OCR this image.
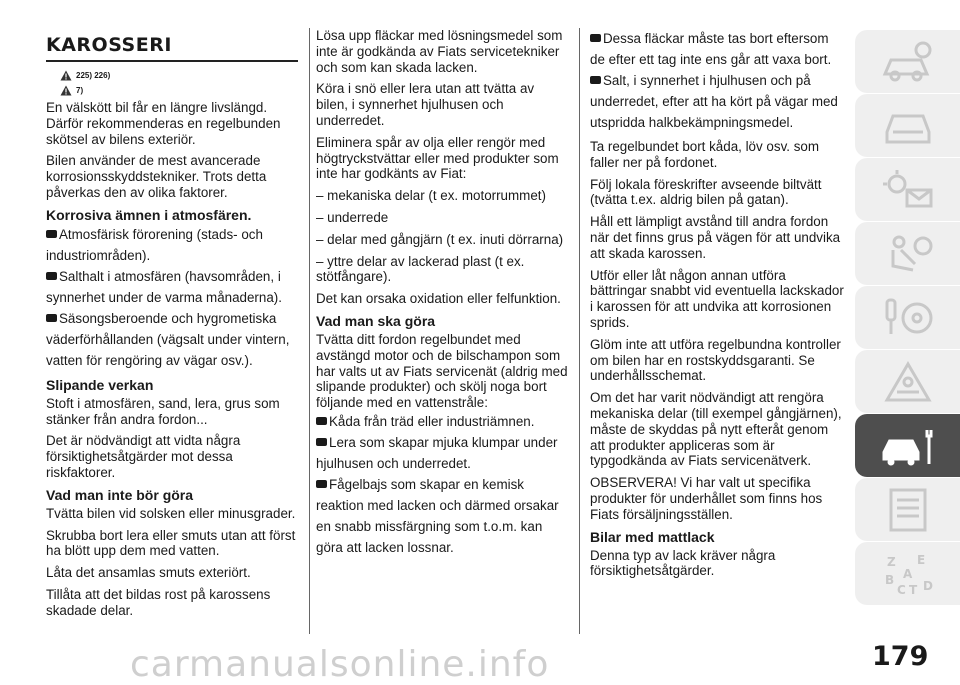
KAROSSERI
225) 226)
7)

En välskött bil får en längre livslängd. Därför rekommenderas en regelbunden skötsel av bilens exteriör.

Bilen använder de mest avancerade korrosionsskyddstekniker. Trots detta påverkas den av olika faktorer.

Korrosiva ämnen i atmosfären.
Atmosfärisk förorening (stads- och industriområden).
Salthalt i atmosfären (havsområden, i synnerhet under de varma månaderna).
Säsongsberoende och hygrometiska väderförhållanden (vägsalt under vintern, vatten för rengöring av vägar osv.).
Slipande verkan

Stoft i atmosfären, sand, lera, grus som stänker från andra fordon...

Det är nödvändigt att vidta några försiktighetsåtgärder mot dessa riskfaktorer.

Vad man inte bör göra

Tvätta bilen vid solsken eller minusgrader.

Skrubba bort lera eller smuts utan att först ha blött upp dem med vatten.

Låta det ansamlas smuts exteriört.

Tillåta att det bildas rost på karossens skadade delar.

Lösa upp fläckar med lösningsmedel som inte är godkända av Fiats servicetekniker och som kan skada lacken.

Köra i snö eller lera utan att tvätta av bilen, i synnerhet hjulhusen och underredet.

Eliminera spår av olja eller rengör med högtryckstvättar eller med produkter som inte har godkänts av Fiat:

– mekaniska delar (t ex. motorrummet)

– underrede

– delar med gångjärn (t ex. inuti dörrarna)

– yttre delar av lackerad plast (t ex. stötfångare).

Det kan orsaka oxidation eller felfunktion.

Vad man ska göra

Tvätta ditt fordon regelbundet med avstängd motor och de bilschampon som har valts ut av Fiats servicenät (aldrig med slipande produkter) och skölj noga bort följande med en vattenstråle:

Kåda från träd eller industriämnen.
Lera som skapar mjuka klumpar under hjulhusen och underredet.
Fågelbajs som skapar en kemisk reaktion med lacken och därmed orsakar en snabb missfärgning som t.o.m. kan göra att lacken lossnar.
Dessa fläckar måste tas bort eftersom de efter ett tag inte ens går att vaxa bort.
Salt, i synnerhet i hjulhusen och på underredet, efter att ha kört på vägar med utspridda halkbekämpningsmedel.

Ta regelbundet bort kåda, löv osv. som faller ner på fordonet.

Följ lokala föreskrifter avseende biltvätt (tvätta t.ex. aldrig bilen på gatan).

Håll ett lämpligt avstånd till andra fordon när det finns grus på vägen för att undvika att skada karossen.

Utför eller låt någon annan utföra bättringar snabbt vid eventuella lackskador i karossen för att undvika att korrosionen sprids.

Glöm inte att utföra regelbundna kontroller om bilen har en rostskyddsgaranti. Se underhållsschemat.

Om det har varit nödvändigt att rengöra mekaniska delar (till exempel gångjärnen), måste de skyddas på nytt efteråt genom att produkter appliceras som är typgodkända av Fiats servicenätverk.

OBSERVERA! Vi har valt ut specifika produkter för underhållet som finns hos Fiats försäljningsställen.

Bilar med mattlack

Denna typ av lack kräver några försiktighetsåtgärder.

Z E
B A
C T D
carmanualsonline.info	179
